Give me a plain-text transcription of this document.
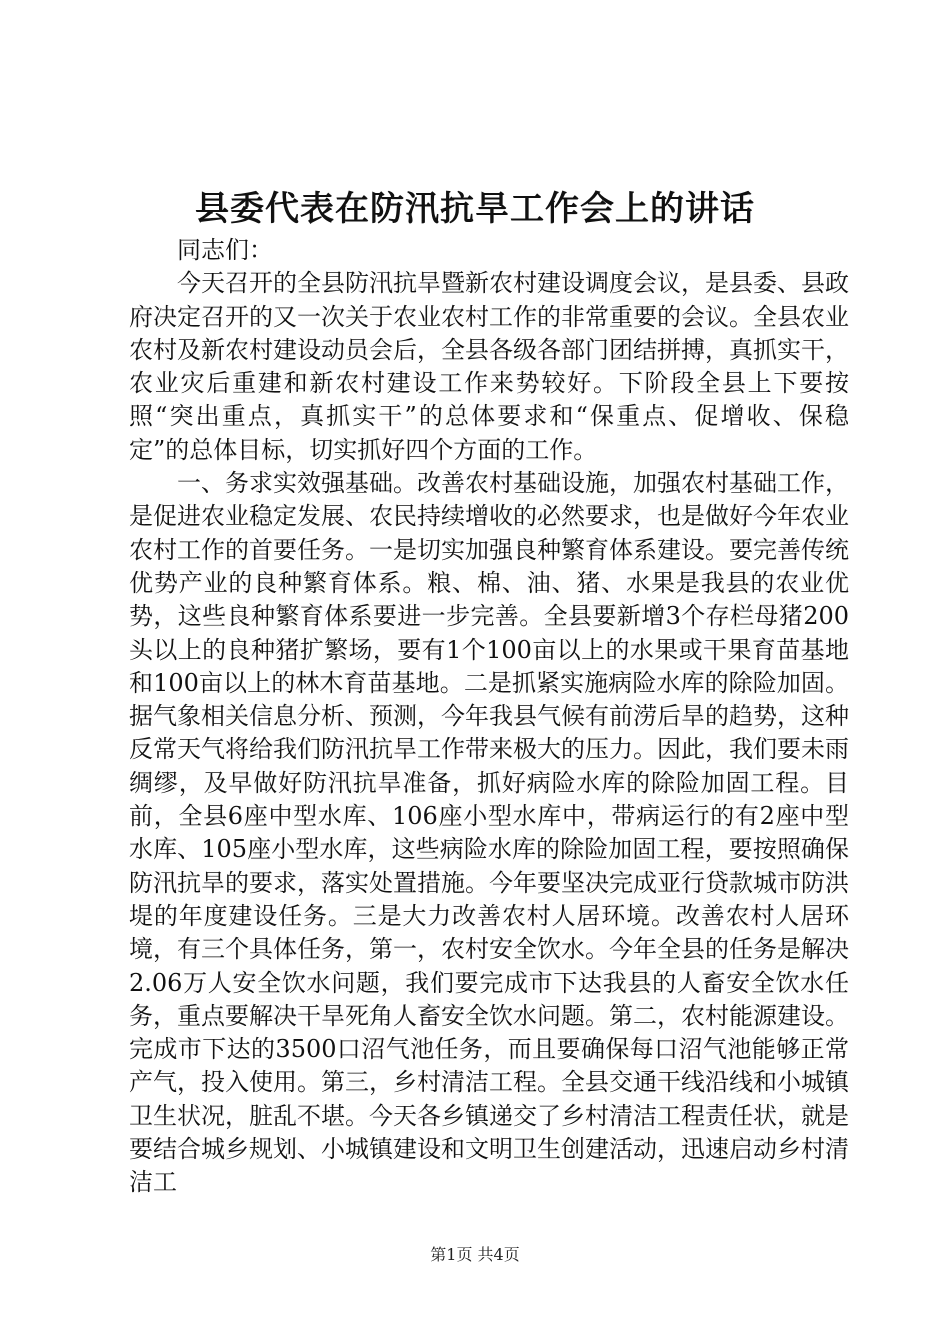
县委代表在防汛抗旱工作会上的讲话

同志们：

今天召开的全县防汛抗旱暨新农村建设调度会议，是县委、县政府决定召开的又一次关于农业农村工作的非常重要的会议。全县农业农村及新农村建设动员会后，全县各级各部门团结拼搏，真抓实干，农业灾后重建和新农村建设工作来势较好。下阶段全县上下要按照“突出重点，真抓实干”的总体要求和“保重点、促增收、保稳定”的总体目标，切实抓好四个方面的工作。

一、务求实效强基础。改善农村基础设施，加强农村基础工作，是促进农业稳定发展、农民持续增收的必然要求，也是做好今年农业农村工作的首要任务。一是切实加强良种繁育体系建设。要完善传统优势产业的良种繁育体系。粮、棉、油、猪、水果是我县的农业优势，这些良种繁育体系要进一步完善。全县要新增3个存栏母猪200头以上的良种猪扩繁场，要有1个100亩以上的水果或干果育苗基地和100亩以上的林木育苗基地。二是抓紧实施病险水库的除险加固。据气象相关信息分析、预测，今年我县气候有前涝后旱的趋势，这种反常天气将给我们防汛抗旱工作带来极大的压力。因此，我们要未雨绸缪，及早做好防汛抗旱准备，抓好病险水库的除险加固工程。目前，全县6座中型水库、106座小型水库中，带病运行的有2座中型水库、105座小型水库，这些病险水库的除险加固工程，要按照确保防汛抗旱的要求，落实处置措施。今年要坚决完成亚行贷款城市防洪堤的年度建设任务。三是大力改善农村人居环境。改善农村人居环境，有三个具体任务，第一，农村安全饮水。今年全县的任务是解决2.06万人安全饮水问题，我们要完成市下达我县的人畜安全饮水任务，重点要解决干旱死角人畜安全饮水问题。第二，农村能源建设。完成市下达的3500口沼气池任务，而且要确保每口沼气池能够正常产气，投入使用。第三，乡村清洁工程。全县交通干线沿线和小城镇卫生状况，脏乱不堪。今天各乡镇递交了乡村清洁工程责任状，就是要结合城乡规划、小城镇建设和文明卫生创建活动，迅速启动乡村清洁工

第1页 共4页
